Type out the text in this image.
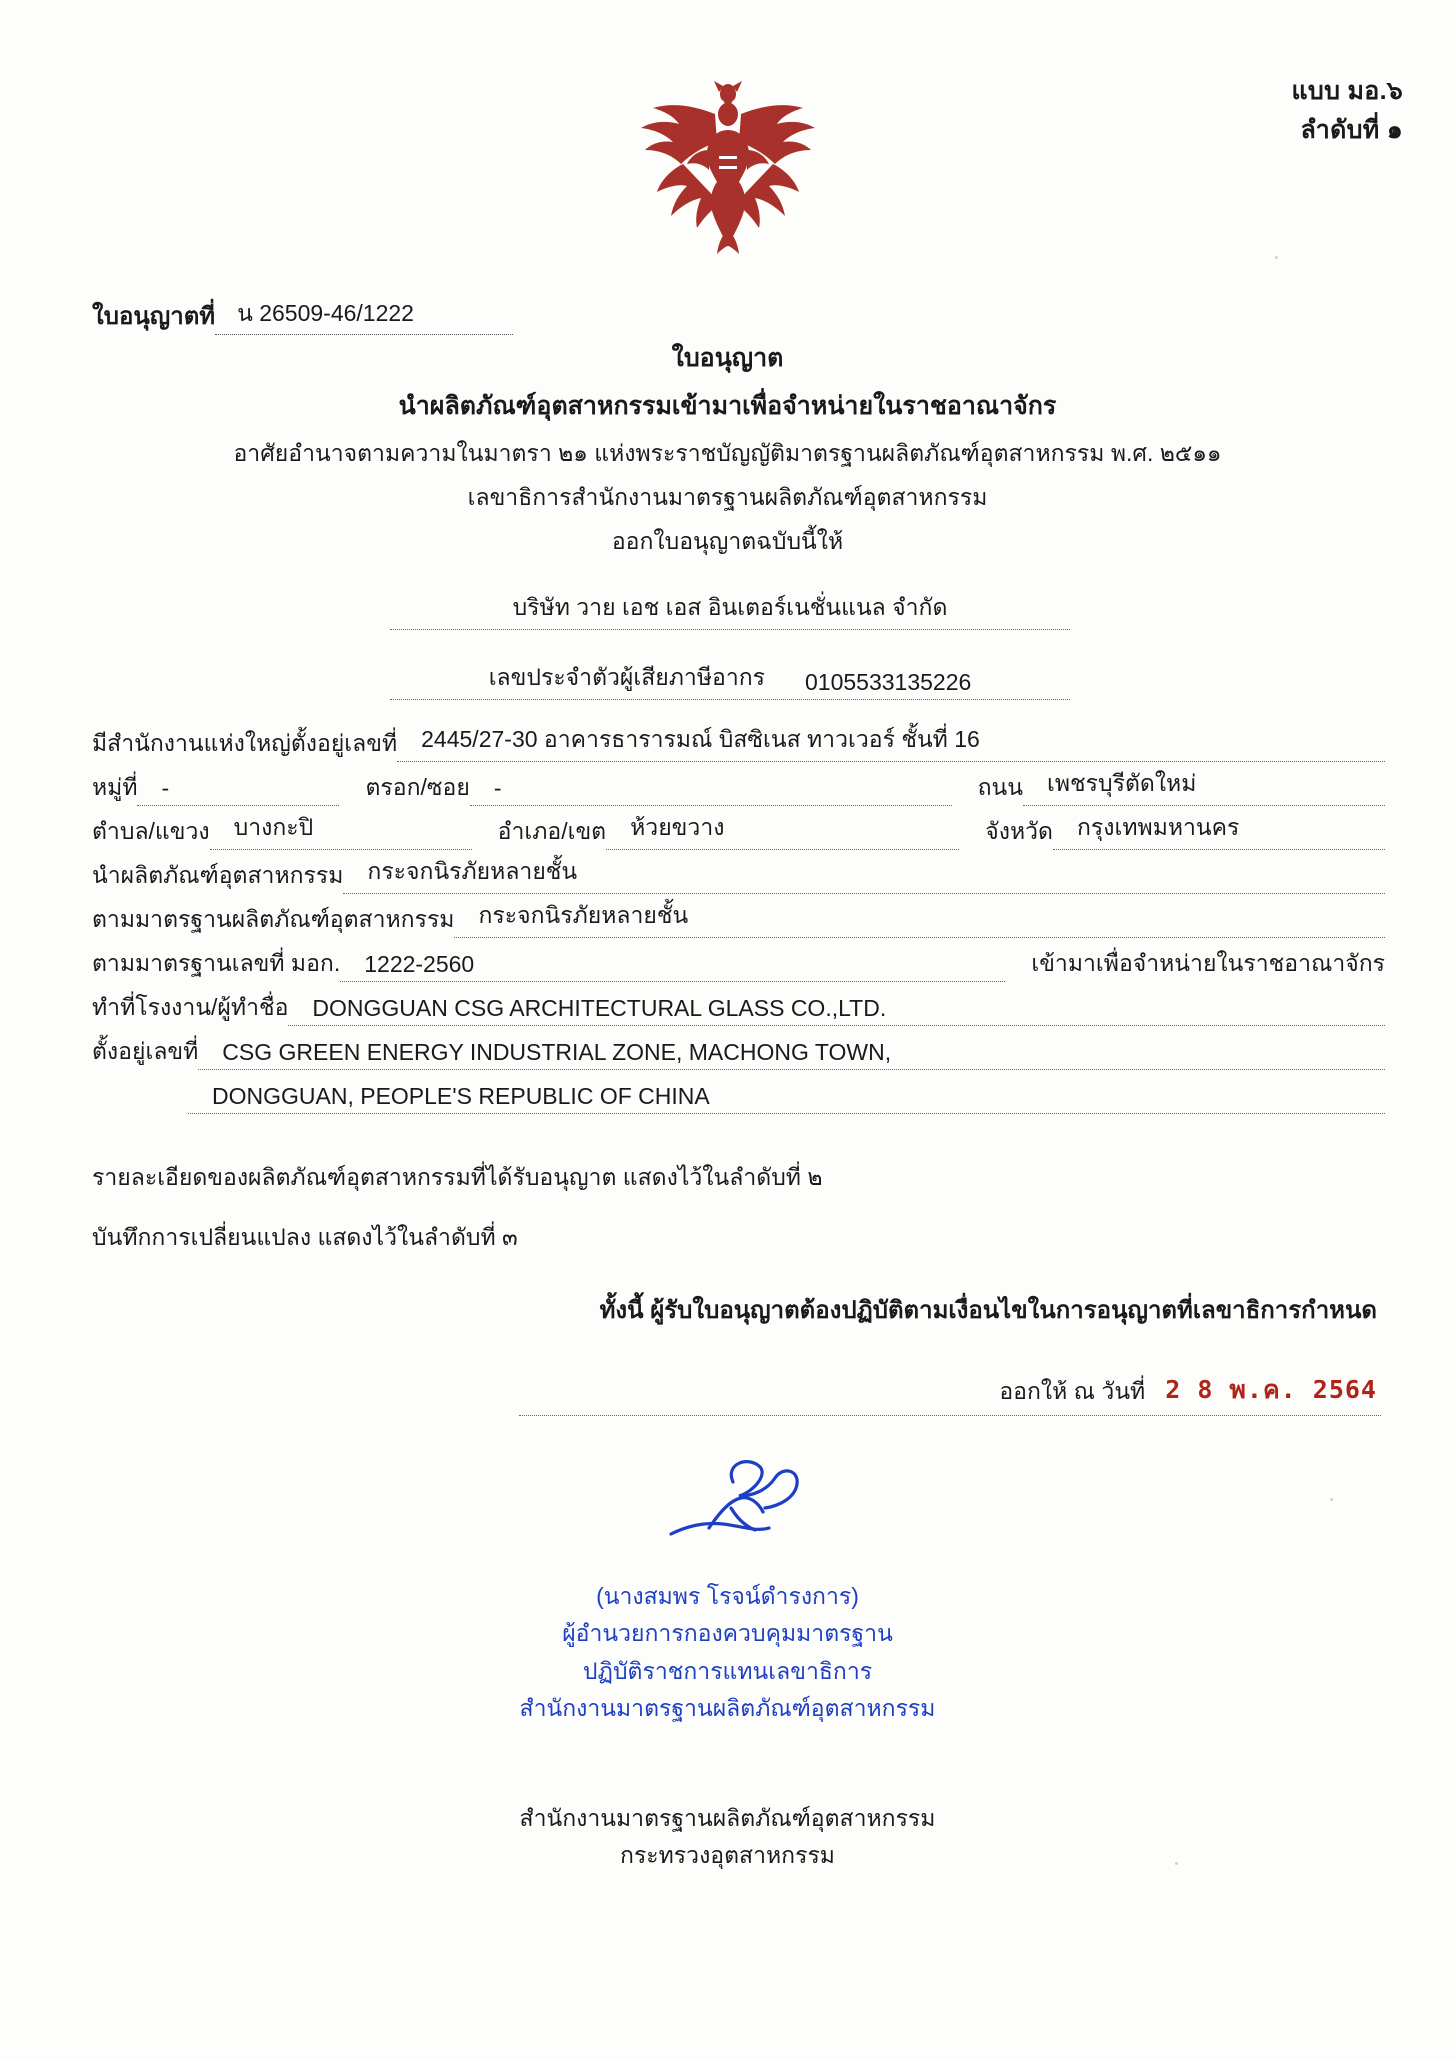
แบบ มอ.๖
ลำดับที่ ๑
ใบอนุญาตที่ น 26509-46/1222
ใบอนุญาต
นำผลิตภัณฑ์อุตสาหกรรมเข้ามาเพื่อจำหน่ายในราชอาณาจักร
อาศัยอำนาจตามความในมาตรา ๒๑ แห่งพระราชบัญญัติมาตรฐานผลิตภัณฑ์อุตสาหกรรม พ.ศ. ๒๕๑๑
เลขาธิการสำนักงานมาตรฐานผลิตภัณฑ์อุตสาหกรรม
ออกใบอนุญาตฉบับนี้ให้
บริษัท วาย เอช เอส อินเตอร์เนชั่นแนล จำกัด
เลขประจำตัวผู้เสียภาษีอากร 0105533135226
มีสำนักงานแห่งใหญ่ตั้งอยู่เลขที่	2445/27-30 อาคารธารารมณ์ บิสซิเนส ทาวเวอร์ ชั้นที่ 16
หมู่ที่	-	ตรอก/ซอย	-	ถนน	เพชรบุรีตัดใหม่
ตำบล/แขวง	บางกะปิ	อำเภอ/เขต	ห้วยขวาง	จังหวัด	กรุงเทพมหานคร
นำผลิตภัณฑ์อุตสาหกรรม	กระจกนิรภัยหลายชั้น
ตามมาตรฐานผลิตภัณฑ์อุตสาหกรรม	กระจกนิรภัยหลายชั้น
ตามมาตรฐานเลขที่ มอก.	1222-2560	เข้ามาเพื่อจำหน่ายในราชอาณาจักร
ทำที่โรงงาน/ผู้ทำชื่อ	DONGGUAN CSG ARCHITECTURAL GLASS CO.,LTD.
ตั้งอยู่เลขที่	CSG GREEN ENERGY INDUSTRIAL ZONE, MACHONG TOWN,
DONGGUAN, PEOPLE'S REPUBLIC OF CHINA
รายละเอียดของผลิตภัณฑ์อุตสาหกรรมที่ได้รับอนุญาต แสดงไว้ในลำดับที่ ๒
บันทึกการเปลี่ยนแปลง แสดงไว้ในลำดับที่ ๓
ทั้งนี้ ผู้รับใบอนุญาตต้องปฏิบัติตามเงื่อนไขในการอนุญาตที่เลขาธิการกำหนด
ออกให้ ณ วันที่ 2 8 พ.ค. 2564
(นางสมพร โรจน์ดำรงการ)
ผู้อำนวยการกองควบคุมมาตรฐาน
ปฏิบัติราชการแทนเลขาธิการ
สำนักงานมาตรฐานผลิตภัณฑ์อุตสาหกรรม
สำนักงานมาตรฐานผลิตภัณฑ์อุตสาหกรรม
กระทรวงอุตสาหกรรม
